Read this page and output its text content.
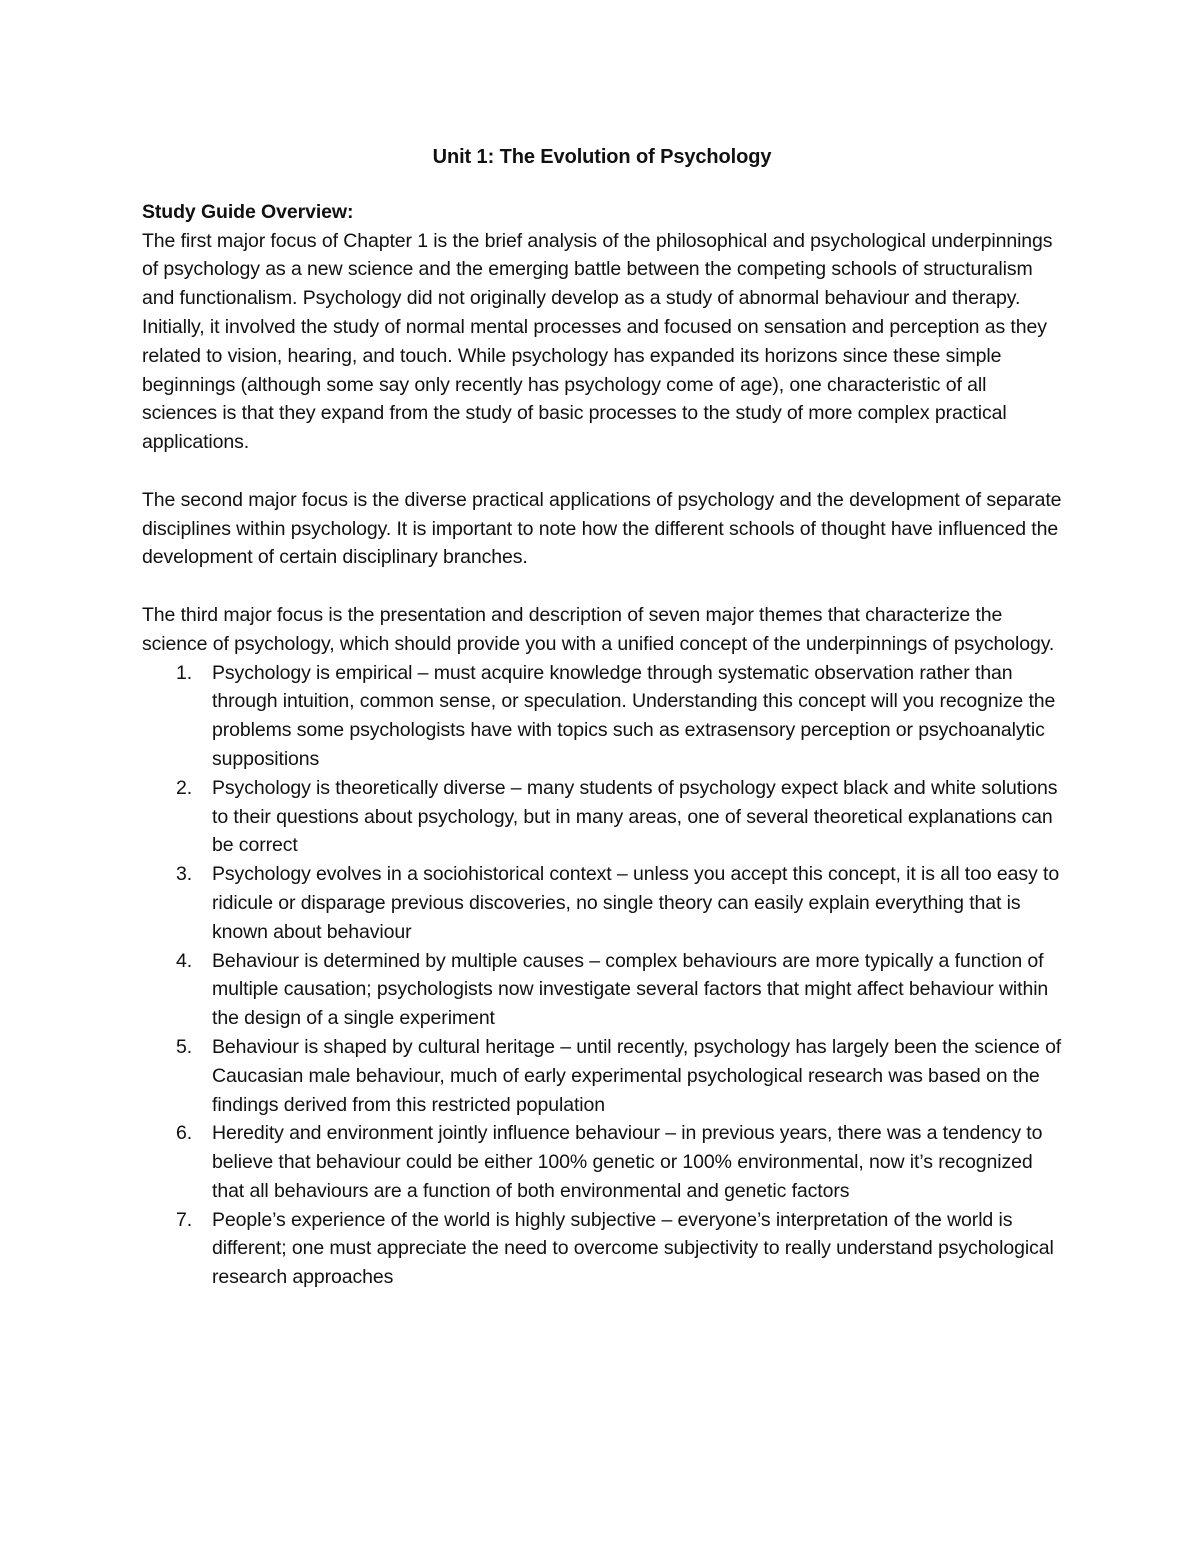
Unit 1: The Evolution of Psychology

Study Guide Overview:

The first major focus of Chapter 1 is the brief analysis of the philosophical and psychological underpinnings of psychology as a new science and the emerging battle between the competing schools of structuralism and functionalism. Psychology did not originally develop as a study of abnormal behaviour and therapy. Initially, it involved the study of normal mental processes and focused on sensation and perception as they related to vision, hearing, and touch. While psychology has expanded its horizons since these simple beginnings (although some say only recently has psychology come of age), one characteristic of all sciences is that they expand from the study of basic processes to the study of more complex practical applications.

The second major focus is the diverse practical applications of psychology and the development of separate disciplines within psychology. It is important to note how the different schools of thought have influenced the development of certain disciplinary branches.

The third major focus is the presentation and description of seven major themes that characterize the science of psychology, which should provide you with a unified concept of the underpinnings of psychology.

1. Psychology is empirical – must acquire knowledge through systematic observation rather than through intuition, common sense, or speculation. Understanding this concept will you recognize the problems some psychologists have with topics such as extrasensory perception or psychoanalytic suppositions
2. Psychology is theoretically diverse – many students of psychology expect black and white solutions to their questions about psychology, but in many areas, one of several theoretical explanations can be correct
3. Psychology evolves in a sociohistorical context – unless you accept this concept, it is all too easy to ridicule or disparage previous discoveries, no single theory can easily explain everything that is known about behaviour
4. Behaviour is determined by multiple causes – complex behaviours are more typically a function of multiple causation; psychologists now investigate several factors that might affect behaviour within the design of a single experiment
5. Behaviour is shaped by cultural heritage – until recently, psychology has largely been the science of Caucasian male behaviour, much of early experimental psychological research was based on the findings derived from this restricted population
6. Heredity and environment jointly influence behaviour – in previous years, there was a tendency to believe that behaviour could be either 100% genetic or 100% environmental, now it’s recognized that all behaviours are a function of both environmental and genetic factors
7. People’s experience of the world is highly subjective – everyone’s interpretation of the world is different; one must appreciate the need to overcome subjectivity to really understand psychological research approaches
